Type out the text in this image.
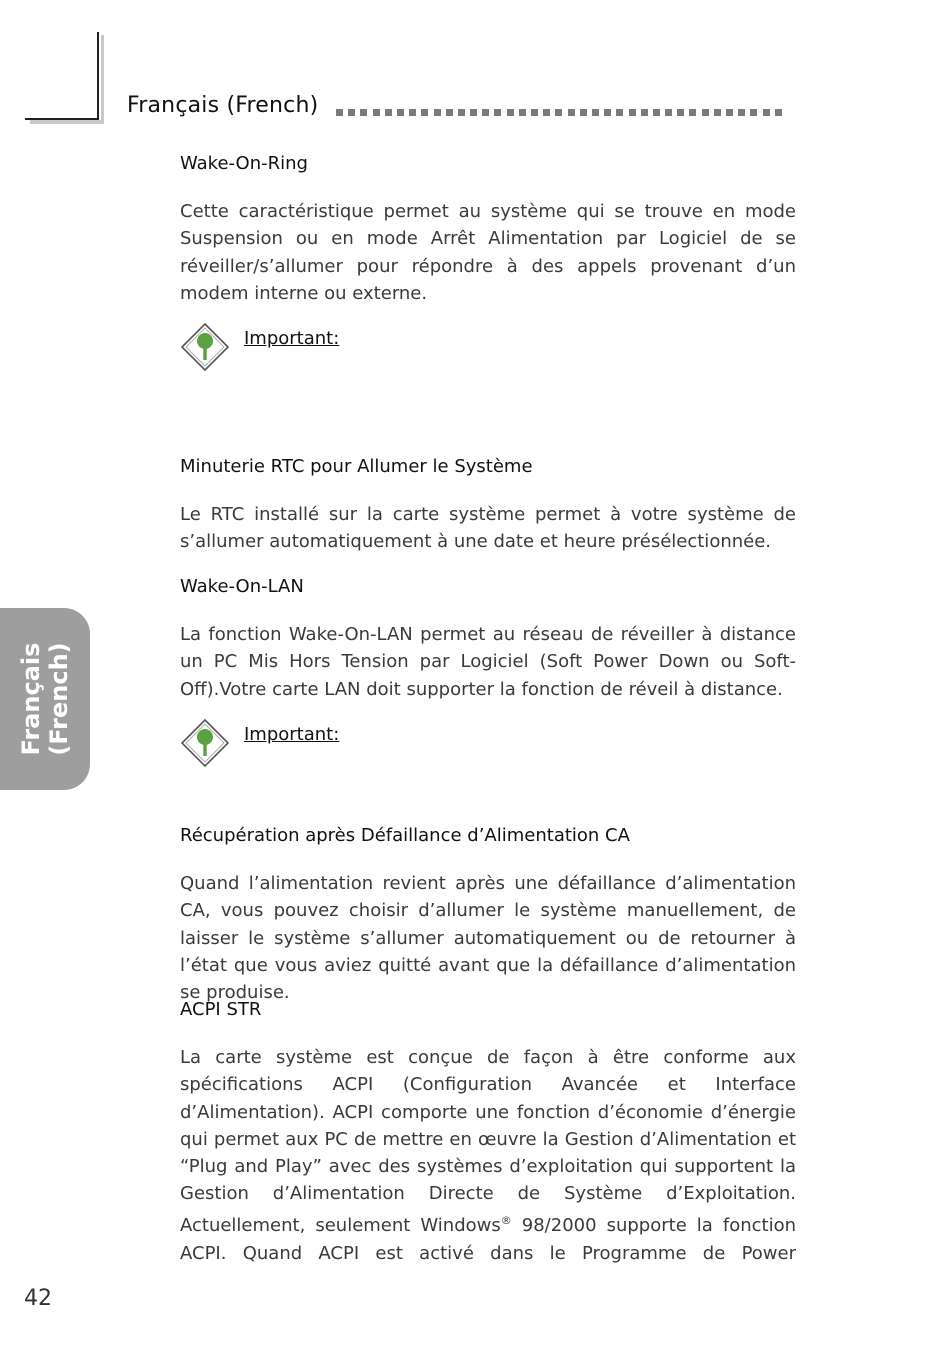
Français (French)
Wake-On-Ring

Cette caractéristique permet au système qui se trouve en mode Suspension ou en mode Arrêt Alimentation par Logiciel de se réveiller/s’allumer pour répondre à des appels provenant d’un modem interne ou externe.

Important:
Minuterie RTC pour Allumer le Système

Le RTC installé sur la carte système permet à votre système de s’allumer automatiquement à une date et heure présélectionnée.

Wake-On-LAN

La fonction Wake-On-LAN permet au réseau de réveiller à distance un PC Mis Hors Tension par Logiciel (Soft Power Down ou Soft-Off).Votre carte LAN doit supporter la fonction de réveil à distance.

Important:
Récupération après Défaillance d’Alimentation CA

Quand l’alimentation revient après une défaillance d’alimentation CA, vous pouvez choisir d’allumer le système manuellement, de laisser le système s’allumer automatiquement ou de retourner à l’état que vous aviez quitté avant que la défaillance d’alimentation se produise.

ACPI STR

La carte système est conçue de façon à être conforme aux spécifications ACPI (Configuration Avancée et Interface d’Alimentation). ACPI comporte une fonction d’économie d’énergie qui permet aux PC de mettre en œuvre la Gestion d’Alimentation et “Plug and Play” avec des systèmes d’exploitation qui supportent la Gestion d’Alimentation Directe de Système d’Exploitation. Actuellement, seulement Windows® 98/2000 supporte la fonction ACPI. Quand ACPI est activé dans le Programme de Power

Français (French)
42
